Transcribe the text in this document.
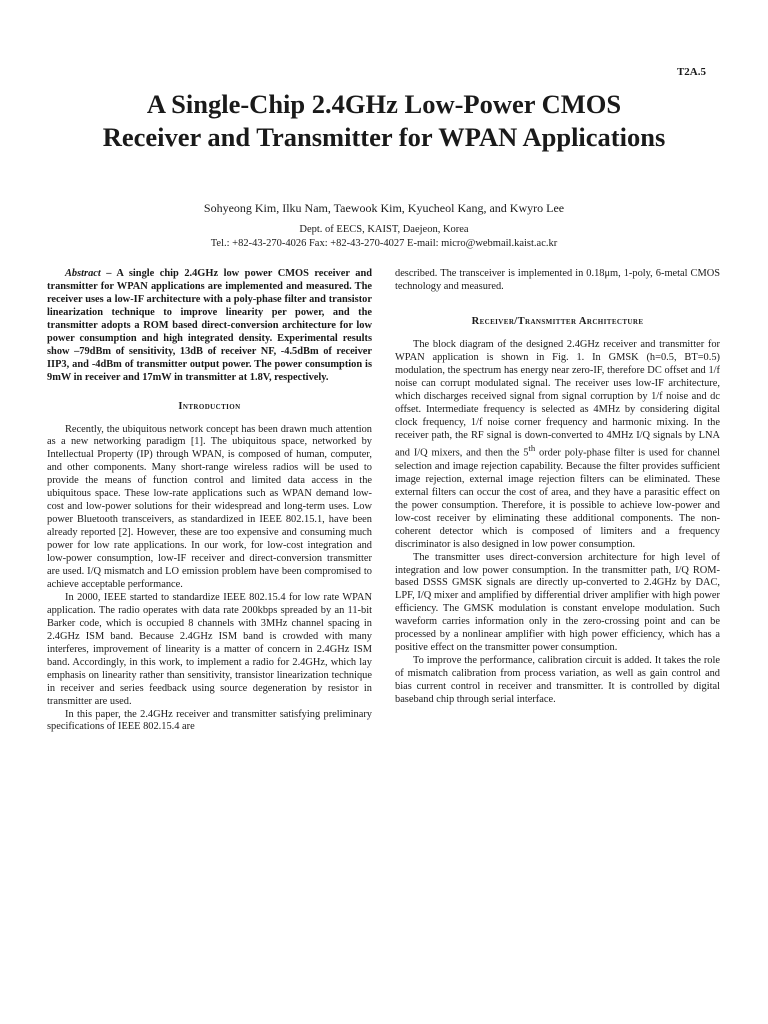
T2A.5
A Single-Chip 2.4GHz Low-Power CMOS
Receiver and Transmitter for WPAN Applications
Sohyeong Kim, Ilku Nam, Taewook Kim, Kyucheol Kang, and Kwyro Lee
Dept. of EECS, KAIST, Daejeon, Korea
Tel.: +82-43-270-4026 Fax: +82-43-270-4027 E-mail: micro@webmail.kaist.ac.kr

Abstract – A single chip 2.4GHz low power CMOS receiver and transmitter for WPAN applications are implemented and measured. The receiver uses a low-IF architecture with a poly-phase filter and transistor linearization technique to improve linearity per power, and the transmitter adopts a ROM based direct-conversion architecture for low power consumption and high integrated density. Experimental results show –79dBm of sensitivity, 13dB of receiver NF, -4.5dBm of receiver IIP3, and -4dBm of transmitter output power. The power consumption is 9mW in receiver and 17mW in transmitter at 1.8V, respectively.

Introduction

Recently, the ubiquitous network concept has been drawn much attention as a new networking paradigm [1]. The ubiquitous space, networked by Intellectual Property (IP) through WPAN, is composed of human, computer, and other components. Many short-range wireless radios will be used to provide the means of function control and limited data access in the ubiquitous space. These low-rate applications such as WPAN demand low-cost and low-power solutions for their widespread and long-term uses. Low power Bluetooth transceivers, as standardized in IEEE 802.15.1, have been already reported [2]. However, these are too expensive and consuming much power for low rate applications. In our work, for low-cost integration and low-power consumption, low-IF receiver and direct-conversion transmitter are used. I/Q mismatch and LO emission problem have been compromised to achieve acceptable performance.

In 2000, IEEE started to standardize IEEE 802.15.4 for low rate WPAN application. The radio operates with data rate 200kbps spreaded by an 11-bit Barker code, which is occupied 8 channels with 3MHz channel spacing in 2.4GHz ISM band. Because 2.4GHz ISM band is crowded with many interferes, improvement of linearity is a matter of concern in 2.4GHz ISM band. Accordingly, in this work, to implement a radio for 2.4GHz, which lay emphasis on linearity rather than sensitivity, transistor linearization technique in receiver and series feedback using source degeneration by resistor in transmitter are used.

In this paper, the 2.4GHz receiver and transmitter satisfying preliminary specifications of IEEE 802.15.4 are

described. The transceiver is implemented in 0.18μm, 1-poly, 6-metal CMOS technology and measured.

Receiver/Transmitter Architecture

The block diagram of the designed 2.4GHz receiver and transmitter for WPAN application is shown in Fig. 1. In GMSK (h=0.5, BT=0.5) modulation, the spectrum has energy near zero-IF, therefore DC offset and 1/f noise can corrupt modulated signal. The receiver uses low-IF architecture, which discharges received signal from signal corruption by 1/f noise and dc offset. Intermediate frequency is selected as 4MHz by considering digital clock frequency, 1/f noise corner frequency and harmonic mixing. In the receiver path, the RF signal is down-converted to 4MHz I/Q signals by LNA and I/Q mixers, and then the 5th order poly-phase filter is used for channel selection and image rejection capability. Because the filter provides sufficient image rejection, external image rejection filters can be eliminated. These external filters can occur the cost of area, and they have a parasitic effect on the power consumption. Therefore, it is possible to achieve low-power and low-cost receiver by eliminating these additional components. The non-coherent detector which is composed of limiters and a frequency discriminator is also designed in low power consumption.

The transmitter uses direct-conversion architecture for high level of integration and low power consumption. In the transmitter path, I/Q ROM-based DSSS GMSK signals are directly up-converted to 2.4GHz by DAC, LPF, I/Q mixer and amplified by differential driver amplifier with high power efficiency. The GMSK modulation is constant envelope modulation. Such waveform carries information only in the zero-crossing point and can be processed by a nonlinear amplifier with high power efficiency, which has a positive effect on the transmitter power consumption.

To improve the performance, calibration circuit is added. It takes the role of mismatch calibration from process variation, as well as gain control and bias current control in receiver and transmitter. It is controlled by digital baseband chip through serial interface.
